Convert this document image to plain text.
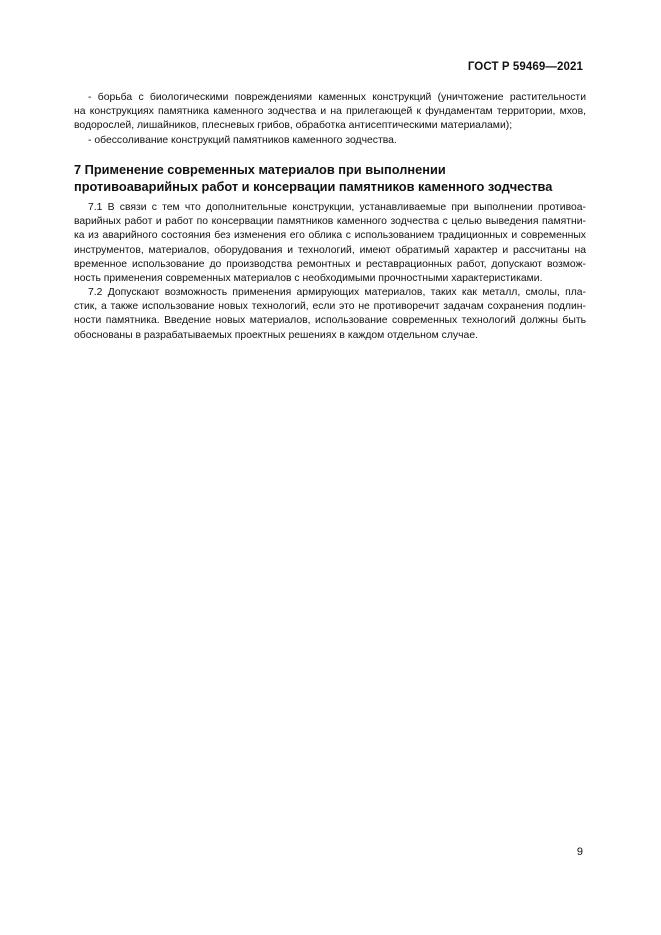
ГОСТ Р 59469—2021
- борьба с биологическими повреждениями каменных конструкций (уничтожение растительности
на конструкциях памятника каменного зодчества и на прилегающей к фундаментам территории, мхов,
водорослей, лишайников, плесневых грибов, обработка антисептическими материалами);
- обессоливание конструкций памятников каменного зодчества.
7 Применение современных материалов при выполнении
противоаварийных работ и консервации памятников каменного зодчества
7.1 В связи с тем что дополнительные конструкции, устанавливаемые при выполнении противоа-
варийных работ и работ по консервации памятников каменного зодчества с целью выведения памятни-
ка из аварийного состояния без изменения его облика с использованием традиционных и современных
инструментов, материалов, оборудования и технологий, имеют обратимый характер и рассчитаны на
временное использование до производства ремонтных и реставрационных работ, допускают возмож-
ность применения современных материалов с необходимыми прочностными характеристиками.
7.2 Допускают возможность применения армирующих материалов, таких как металл, смолы, пла-
стик, а также использование новых технологий, если это не противоречит задачам сохранения подлин-
ности памятника. Введение новых материалов, использование современных технологий должны быть
обоснованы в разрабатываемых проектных решениях в каждом отдельном случае.
9
